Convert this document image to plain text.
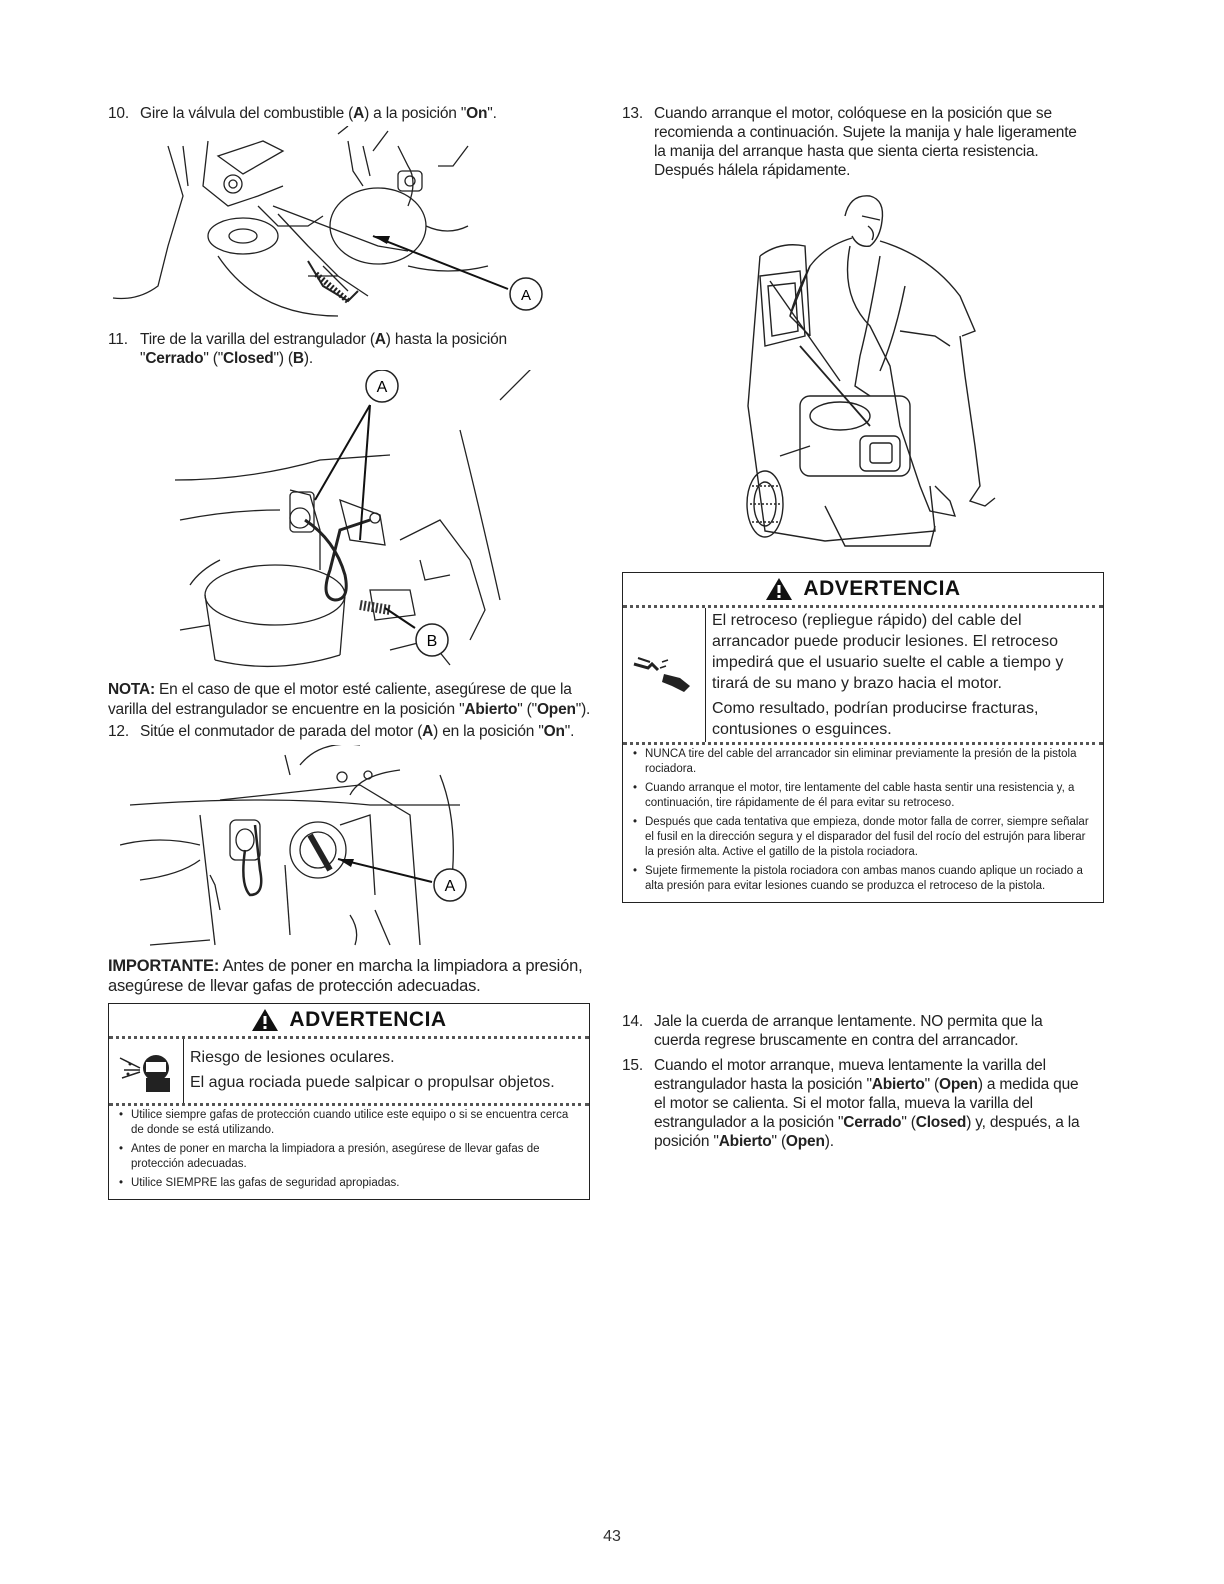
10. Gire la válvula del combustible (A) a la posición "On".
A
11. Tire de la varilla del estrangulador (A) hasta la posición
"Cerrado" ("Closed") (B).
A
B
NOTA: En el caso de que el motor esté caliente, asegúrese de que la
varilla del estrangulador se encuentre en la posición "Abierto" ("Open").
12. Sitúe el conmutador de parada del motor (A) en la posición "On".
A
IMPORTANTE: Antes de poner en marcha la limpiadora a presión,
asegúrese de llevar gafas de protección adecuadas.
ADVERTENCIA
Riesgo de lesiones oculares.
El agua rociada puede salpicar o propulsar objetos.
• Utilice siempre gafas de protección cuando utilice este equipo o si se encuentra cerca de donde se está utilizando.
• Antes de poner en marcha la limpiadora a presión, asegúrese de llevar gafas de protección adecuadas.
• Utilice SIEMPRE las gafas de seguridad apropiadas.
13. Cuando arranque el motor, colóquese en la posición que se
recomienda a continuación. Sujete la manija y hale ligeramente
la manija del arranque hasta que sienta cierta resistencia.
Después hálela rápidamente.
ADVERTENCIA
El retroceso (repliegue rápido) del cable del arrancador puede producir lesiones. El retroceso impedirá que el usuario suelte el cable a tiempo y tirará de su mano y brazo hacia el motor.
Como resultado, podrían producirse fracturas, contusiones o esguinces.
• NUNCA tire del cable del arrancador sin eliminar previamente la presión de la pistola rociadora.
• Cuando arranque el motor, tire lentamente del cable hasta sentir una resistencia y, a continuación, tire rápidamente de él para evitar su retroceso.
• Después que cada tentativa que empieza, donde motor falla de correr, siempre señalar el fusil en la dirección segura y el disparador del fusil del rocío del estrujón para liberar la presión alta. Active el gatillo de la pistola rociadora.
• Sujete firmemente la pistola rociadora con ambas manos cuando aplique un rociado a alta presión para evitar lesiones cuando se produzca el retroceso de la pistola.
14. Jale la cuerda de arranque lentamente. NO permita que la
cuerda regrese bruscamente en contra del arrancador.
15. Cuando el motor arranque, mueva lentamente la varilla del
estrangulador hasta la posición "Abierto" (Open) a medida que
el motor se calienta. Si el motor falla, mueva la varilla del
estrangulador a la posición "Cerrado" (Closed) y, después, a la
posición "Abierto" (Open).
43
